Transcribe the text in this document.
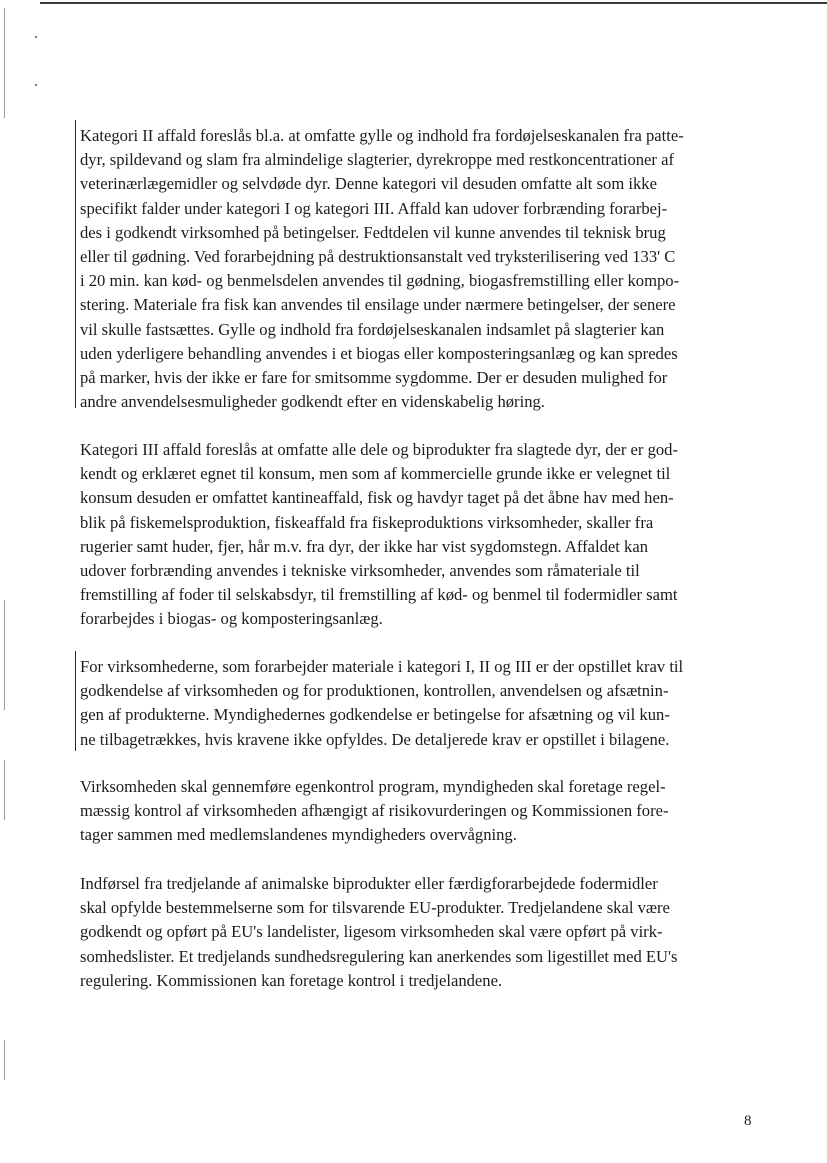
Kategori II affald foreslås bl.a. at omfatte gylle og indhold fra fordøjelseskanalen fra patte-
dyr, spildevand og slam fra almindelige slagterier, dyrekroppe med restkoncentrationer af
veterinærlægemidler og selvdøde dyr. Denne kategori vil desuden omfatte alt som ikke
specifikt falder under kategori I og kategori III. Affald kan udover forbrænding forarbej-
des i godkendt virksomhed på betingelser. Fedtdelen vil kunne anvendes til teknisk brug
eller til gødning. Ved forarbejdning på destruktionsanstalt ved tryksterilisering ved 133' C
i 20 min. kan kød- og benmelsdelen anvendes til gødning, biogasfremstilling eller kompo-
stering. Materiale fra fisk kan anvendes til ensilage under nærmere betingelser, der senere
vil skulle fastsættes. Gylle og indhold fra fordøjelseskanalen indsamlet på slagterier kan
uden yderligere behandling anvendes i et biogas eller komposteringsanlæg og kan spredes
på marker, hvis der ikke er fare for smitsomme sygdomme. Der er desuden mulighed for
andre anvendelsesmuligheder godkendt efter en videnskabelig høring.
Kategori III affald foreslås at omfatte alle dele og biprodukter fra slagtede dyr, der er god-
kendt og erklæret egnet til konsum, men som af kommercielle grunde ikke er velegnet til
konsum desuden er omfattet kantineaffald, fisk og havdyr taget på det åbne hav med hen-
blik på fiskemelsproduktion, fiskeaffald fra fiskeproduktions virksomheder, skaller fra
rugerier samt huder, fjer, hår m.v. fra dyr, der ikke har vist sygdomstegn. Affaldet kan
udover forbrænding anvendes i tekniske virksomheder, anvendes som råmateriale til
fremstilling af foder til selskabsdyr, til fremstilling af kød- og benmel til fodermidler samt
forarbejdes i biogas- og komposteringsanlæg.
For virksomhederne, som forarbejder materiale i kategori I, II og III er der opstillet krav til
godkendelse af virksomheden og for produktionen, kontrollen, anvendelsen og afsætnin-
gen af produkterne. Myndighedernes godkendelse er betingelse for afsætning og vil kun-
ne tilbagetrækkes, hvis kravene ikke opfyldes. De detaljerede krav er opstillet i bilagene.
Virksomheden skal gennemføre egenkontrol program, myndigheden skal foretage regel-
mæssig kontrol af virksomheden afhængigt af risikovurderingen og Kommissionen fore-
tager sammen med medlemslandenes myndigheders overvågning.
Indførsel fra tredjelande af animalske biprodukter eller færdigforarbejdede fodermidler
skal opfylde bestemmelserne som for tilsvarende EU-produkter. Tredjelandene skal være
godkendt og opført på EU's landelister, ligesom virksomheden skal være opført på virk-
somhedslister. Et tredjelands sundhedsregulering kan anerkendes som ligestillet med EU's
regulering. Kommissionen kan foretage kontrol i tredjelandene.
8
